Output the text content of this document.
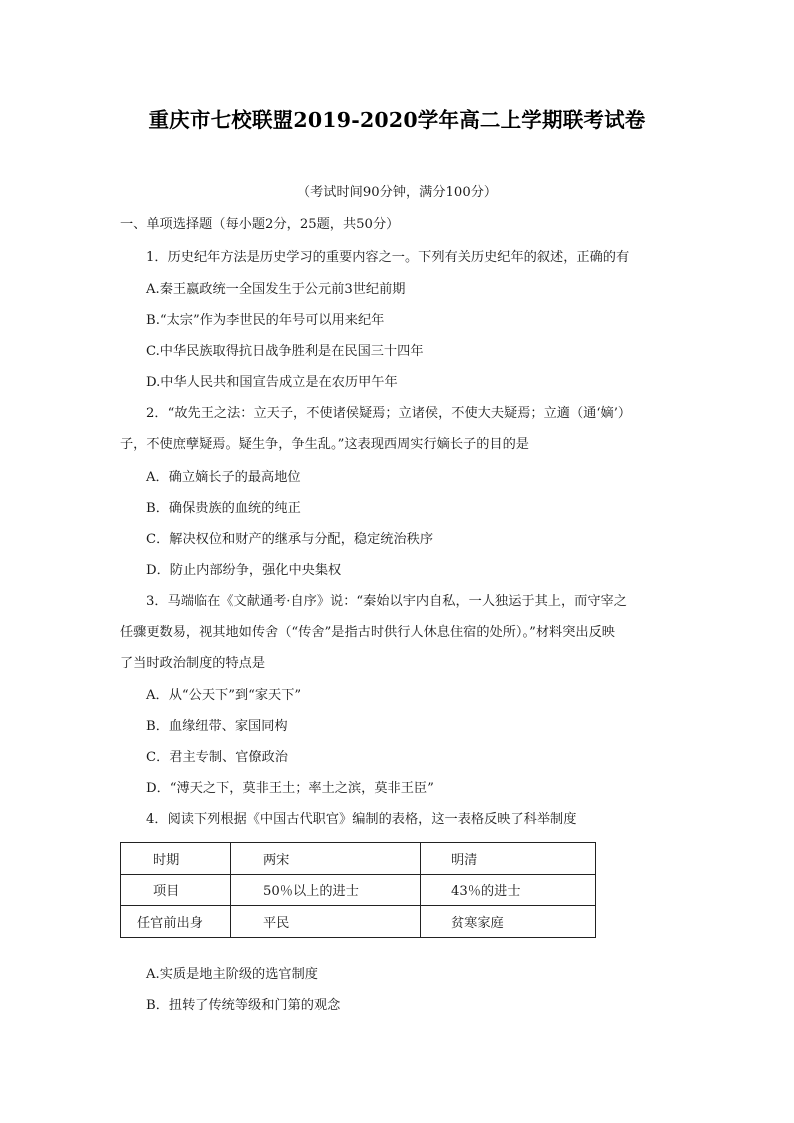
重庆市七校联盟2019-2020学年高二上学期联考试卷
（考试时间90分钟，满分100分）
一、单项选择题（每小题2分，25题，共50分）
1．历史纪年方法是历史学习的重要内容之一。下列有关历史纪年的叙述，正确的有
A.秦王嬴政统一全国发生于公元前3世纪前期
B.“太宗”作为李世民的年号可以用来纪年
C.中华民族取得抗日战争胜利是在民国三十四年
D.中华人民共和国宣告成立是在农历甲午年
2．“故先王之法：立天子，不使诸侯疑焉；立诸侯，不使大夫疑焉；立適（通‘嫡’）
子，不使庶孽疑焉。疑生争，争生乱。”这表现西周实行嫡长子的目的是
A．确立嫡长子的最高地位
B．确保贵族的血统的纯正
C．解决权位和财产的继承与分配，稳定统治秩序
D．防止内部纷争，强化中央集权
3．马端临在《文献通考·自序》说：“秦始以宇内自私，一人独运于其上，而守宰之
任骤更数易，视其地如传舍（“传舍”是指古时供行人休息住宿的处所）。”材料突出反映
了当时政治制度的特点是
A．从“公天下”到“家天下”
B．血缘纽带、家国同构
C．君主专制、官僚政治
D．“溥天之下，莫非王土；率土之滨，莫非王臣”
4．阅读下列根据《中国古代职官》编制的表格，这一表格反映了科举制度
时期	两宋	明清
项目	50％以上的进士	43％的进士
任官前出身	平民	贫寒家庭
A.实质是地主阶级的选官制度
B．扭转了传统等级和门第的观念
